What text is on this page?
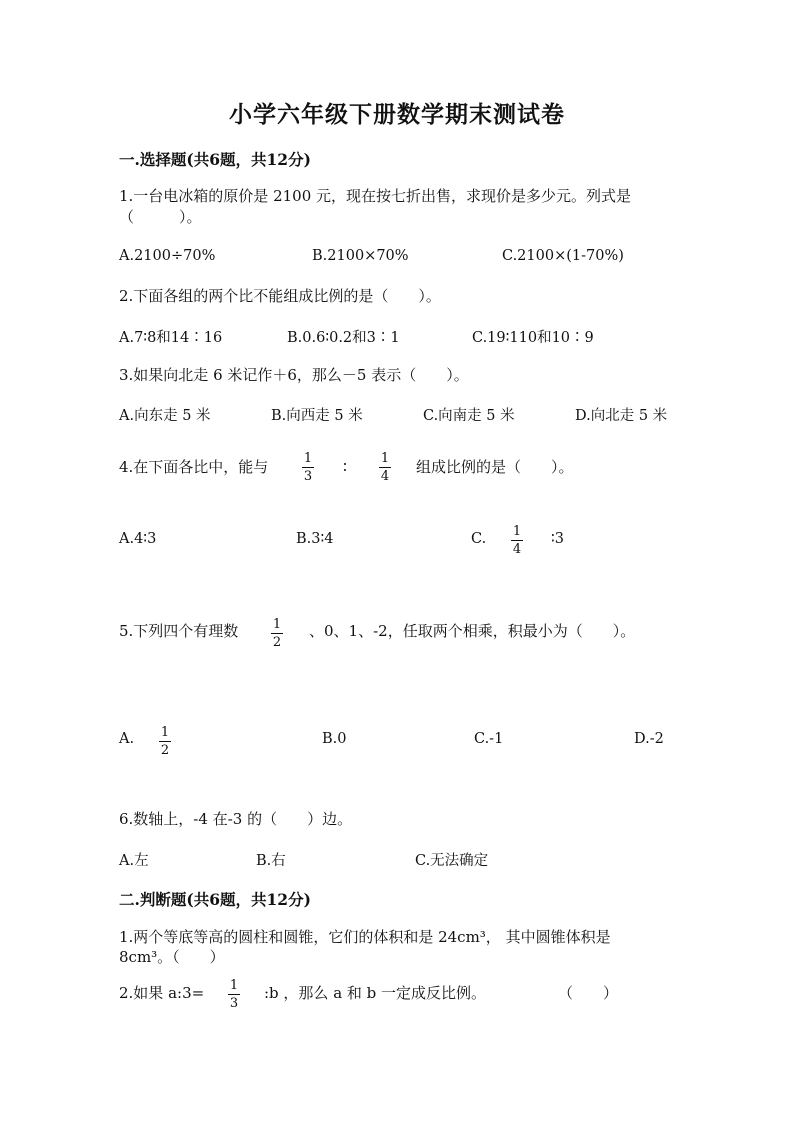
小学六年级下册数学期末测试卷
一.选择题(共6题，共12分)
1.一台电冰箱的原价是 2100 元，现在按七折出售，求现价是多少元。列式是
（　　　）。
A.2100÷70%	B.2100×70%	C.2100×(1-70%)
2.下面各组的两个比不能组成比例的是（　　）。
A.7∶8和14∶16	B.0.6∶0.2和3∶1	C.19∶110和10∶9
3.如果向北走 6 米记作＋6，那么－5 表示（　　）。
A.向东走 5 米	B.向西走 5 米	C.向南走 5 米	D.向北走 5 米
4.在下面各比中，能与	1
3
∶	1
4
组成比例的是（　　）。
A.4∶3	B.3∶4	C. 1
4
∶3
5.下列四个有理数	1
2
、0、1、-2，任取两个相乘，积最小为（　　）。
A. 1
2
B.0	C.-1	D.-2
6.数轴上，-4 在-3 的（　　）边。
A.左	B.右	C.无法确定
二.判断题(共6题，共12分)
1.两个等底等高的圆柱和圆锥，它们的体积和是 24cm³， 其中圆锥体积是
8cm³。（　　）
2.如果 a:3= 1
3
:b ，那么 a 和 b 一定成反比例。	（　　）
